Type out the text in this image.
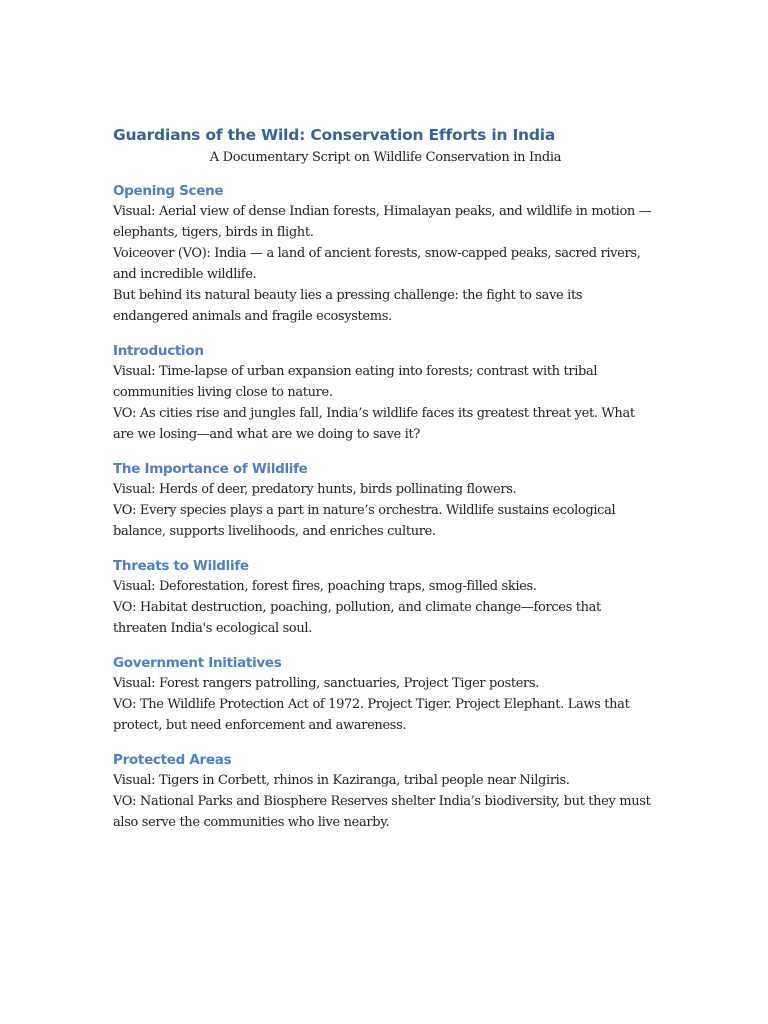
Guardians of the Wild: Conservation Efforts in India
A Documentary Script on Wildlife Conservation in India
Opening Scene

Visual: Aerial view of dense Indian forests, Himalayan peaks, and wildlife in motion — elephants, tigers, birds in flight.

Voiceover (VO): India — a land of ancient forests, snow-capped peaks, sacred rivers, and incredible wildlife.

But behind its natural beauty lies a pressing challenge: the fight to save its endangered animals and fragile ecosystems.

Introduction

Visual: Time-lapse of urban expansion eating into forests; contrast with tribal communities living close to nature.

VO: As cities rise and jungles fall, India’s wildlife faces its greatest threat yet. What are we losing—and what are we doing to save it?

The Importance of Wildlife

Visual: Herds of deer, predatory hunts, birds pollinating flowers.

VO: Every species plays a part in nature’s orchestra. Wildlife sustains ecological balance, supports livelihoods, and enriches culture.

Threats to Wildlife

Visual: Deforestation, forest fires, poaching traps, smog-filled skies.

VO: Habitat destruction, poaching, pollution, and climate change—forces that threaten India's ecological soul.

Government Initiatives

Visual: Forest rangers patrolling, sanctuaries, Project Tiger posters.

VO: The Wildlife Protection Act of 1972. Project Tiger. Project Elephant. Laws that protect, but need enforcement and awareness.

Protected Areas

Visual: Tigers in Corbett, rhinos in Kaziranga, tribal people near Nilgiris.

VO: National Parks and Biosphere Reserves shelter India’s biodiversity, but they must also serve the communities who live nearby.
